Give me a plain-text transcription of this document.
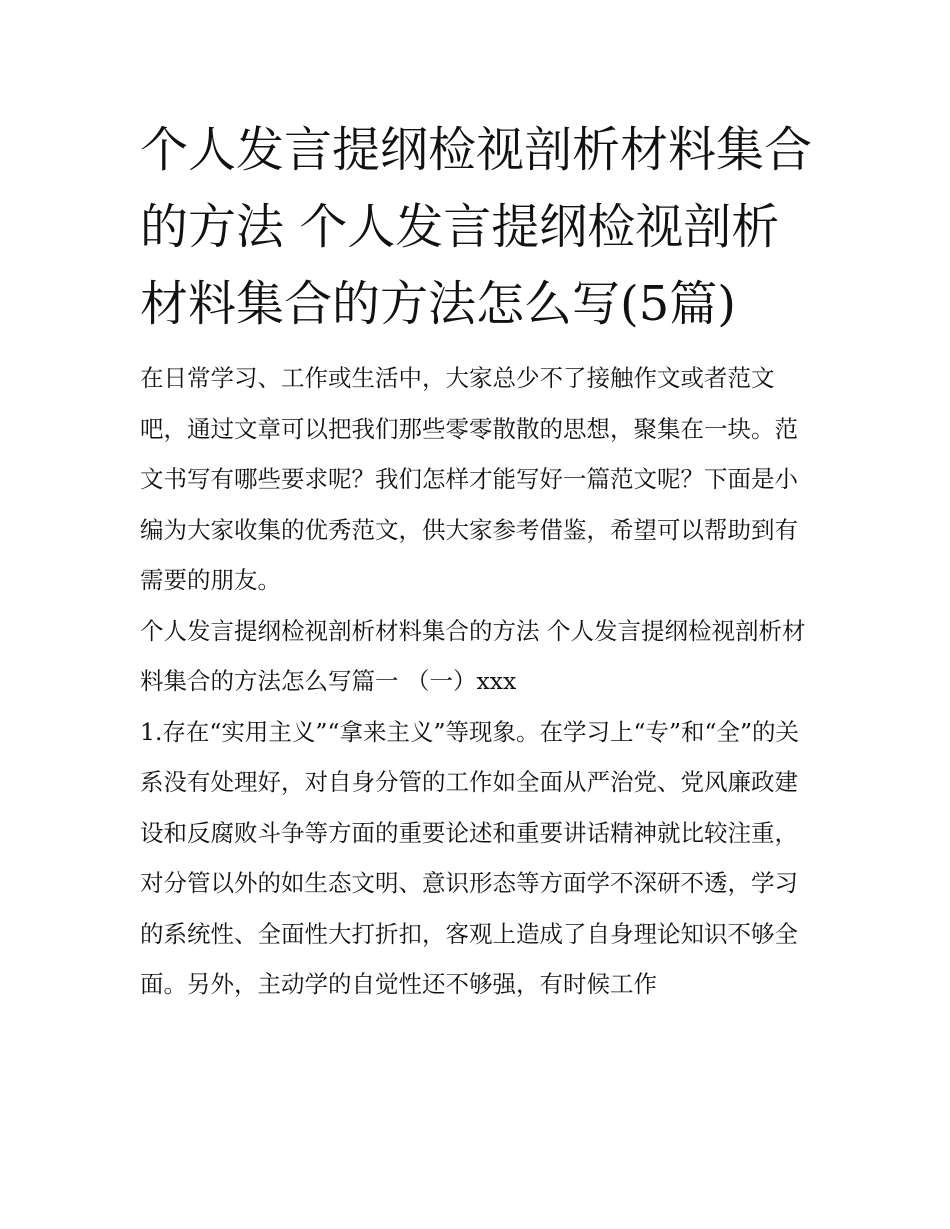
个人发言提纲检视剖析材料集合的方法 个人发言提纲检视剖析材料集合的方法怎么写(5篇)

在日常学习、工作或生活中，大家总少不了接触作文或者范文吧，通过文章可以把我们那些零零散散的思想，聚集在一块。范文书写有哪些要求呢？我们怎样才能写好一篇范文呢？下面是小编为大家收集的优秀范文，供大家参考借鉴，希望可以帮助到有需要的朋友。

个人发言提纲检视剖析材料集合的方法 个人发言提纲检视剖析材料集合的方法怎么写篇一 （一）xxx

1.存在“实用主义”“拿来主义”等现象。在学习上“专”和“全”的关系没有处理好，对自身分管的工作如全面从严治党、党风廉政建设和反腐败斗争等方面的重要论述和重要讲话精神就比较注重，对分管以外的如生态文明、意识形态等方面学不深研不透，学习的系统性、全面性大打折扣，客观上造成了自身理论知识不够全面。另外，主动学的自觉性还不够强，有时候工作
